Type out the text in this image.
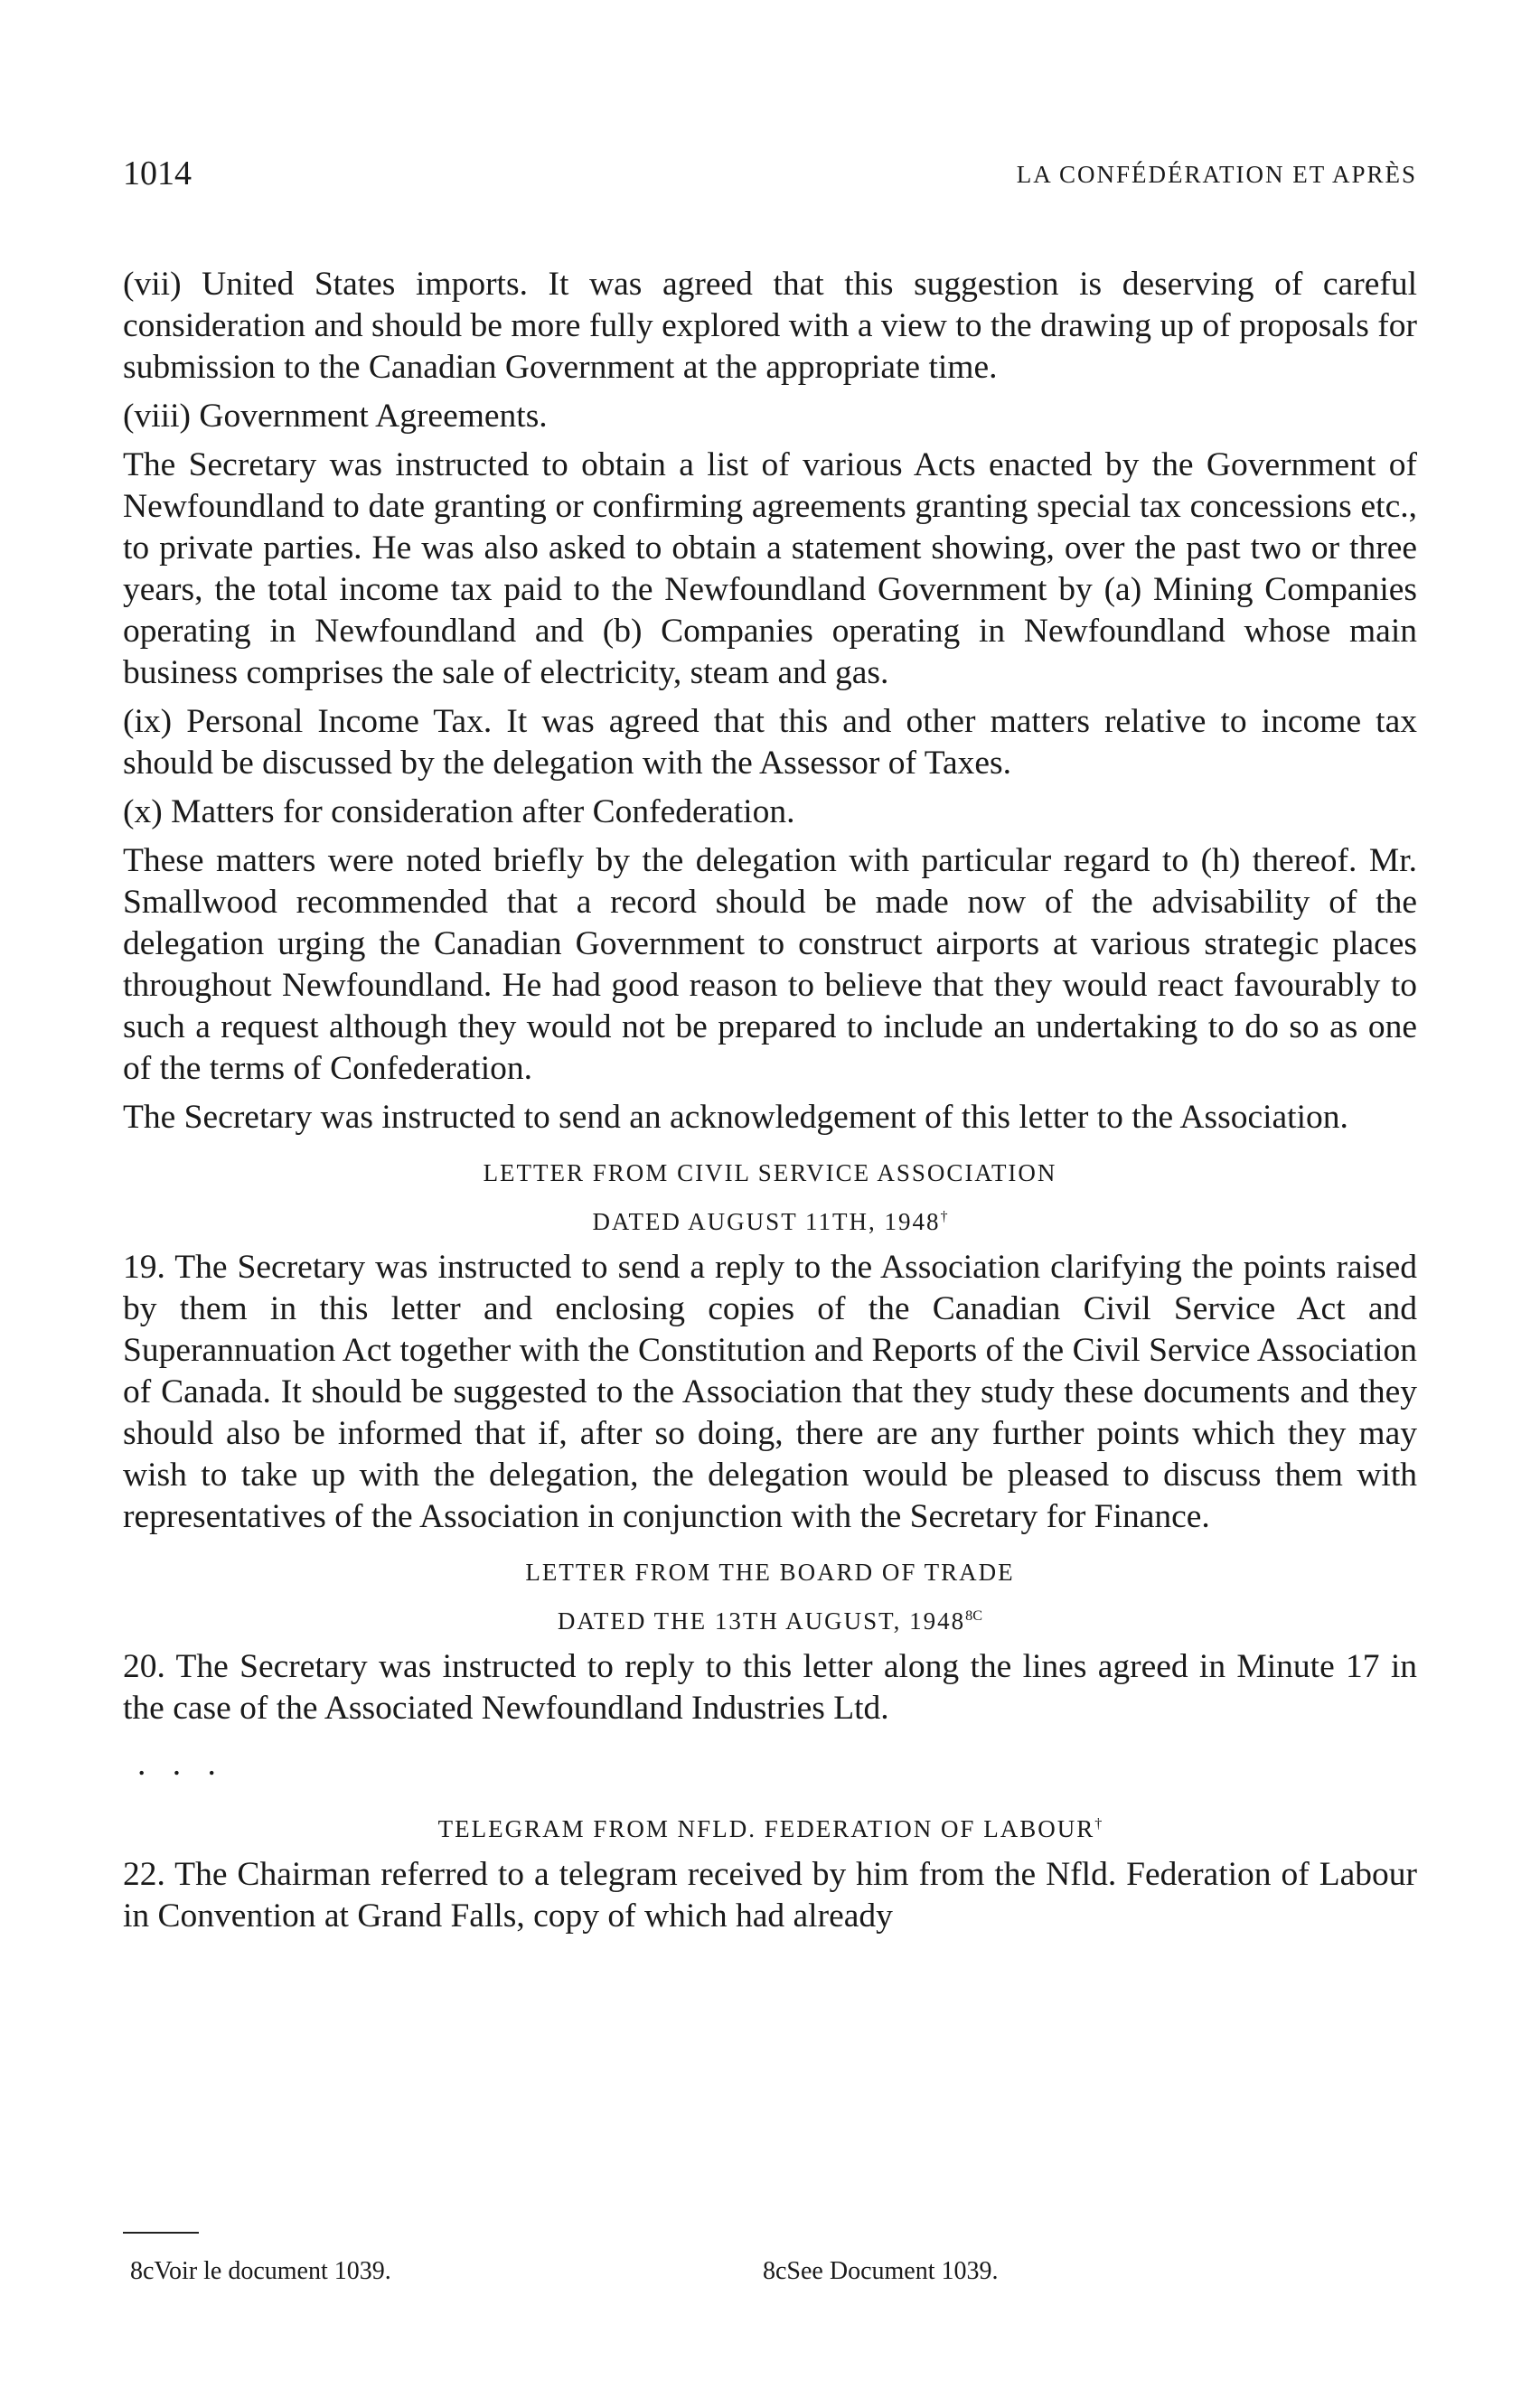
1014	LA CONFÉDÉRATION ET APRÈS

(vii) United States imports. It was agreed that this suggestion is deserving of careful consideration and should be more fully explored with a view to the drawing up of proposals for submission to the Canadian Government at the appropriate time.

(viii) Government Agreements.

The Secretary was instructed to obtain a list of various Acts enacted by the Government of Newfoundland to date granting or confirming agreements granting special tax concessions etc., to private parties. He was also asked to obtain a statement showing, over the past two or three years, the total income tax paid to the Newfoundland Government by (a) Mining Companies operating in Newfoundland and (b) Companies operating in Newfoundland whose main business comprises the sale of electricity, steam and gas.

(ix) Personal Income Tax. It was agreed that this and other matters relative to income tax should be discussed by the delegation with the Assessor of Taxes.

(x) Matters for consideration after Confederation.

These matters were noted briefly by the delegation with particular regard to (h) thereof. Mr. Smallwood recommended that a record should be made now of the advisability of the delegation urging the Canadian Government to construct airports at various strategic places throughout Newfoundland. He had good reason to believe that they would react favourably to such a request although they would not be prepared to include an undertaking to do so as one of the terms of Confederation.

The Secretary was instructed to send an acknowledgement of this letter to the Association.

LETTER FROM CIVIL SERVICE ASSOCIATION
DATED AUGUST 11TH, 1948†

19. The Secretary was instructed to send a reply to the Association clarifying the points raised by them in this letter and enclosing copies of the Canadian Civil Service Act and Superannuation Act together with the Constitution and Reports of the Civil Service Association of Canada. It should be suggested to the Association that they study these documents and they should also be informed that if, after so doing, there are any further points which they may wish to take up with the delegation, the delegation would be pleased to discuss them with representatives of the Association in conjunction with the Secretary for Finance.

LETTER FROM THE BOARD OF TRADE
DATED THE 13TH AUGUST, $1948^{8C}$

20. The Secretary was instructed to reply to this letter along the lines agreed in Minute 17 in the case of the Associated Newfoundland Industries Ltd.

. . .
TELEGRAM FROM NFLD. FEDERATION OF LABOUR†

22. The Chairman referred to a telegram received by him from the Nfld. Federation of Labour in Convention at Grand Falls, copy of which had already

8cVoir le document 1039.	8cSee Document 1039.
